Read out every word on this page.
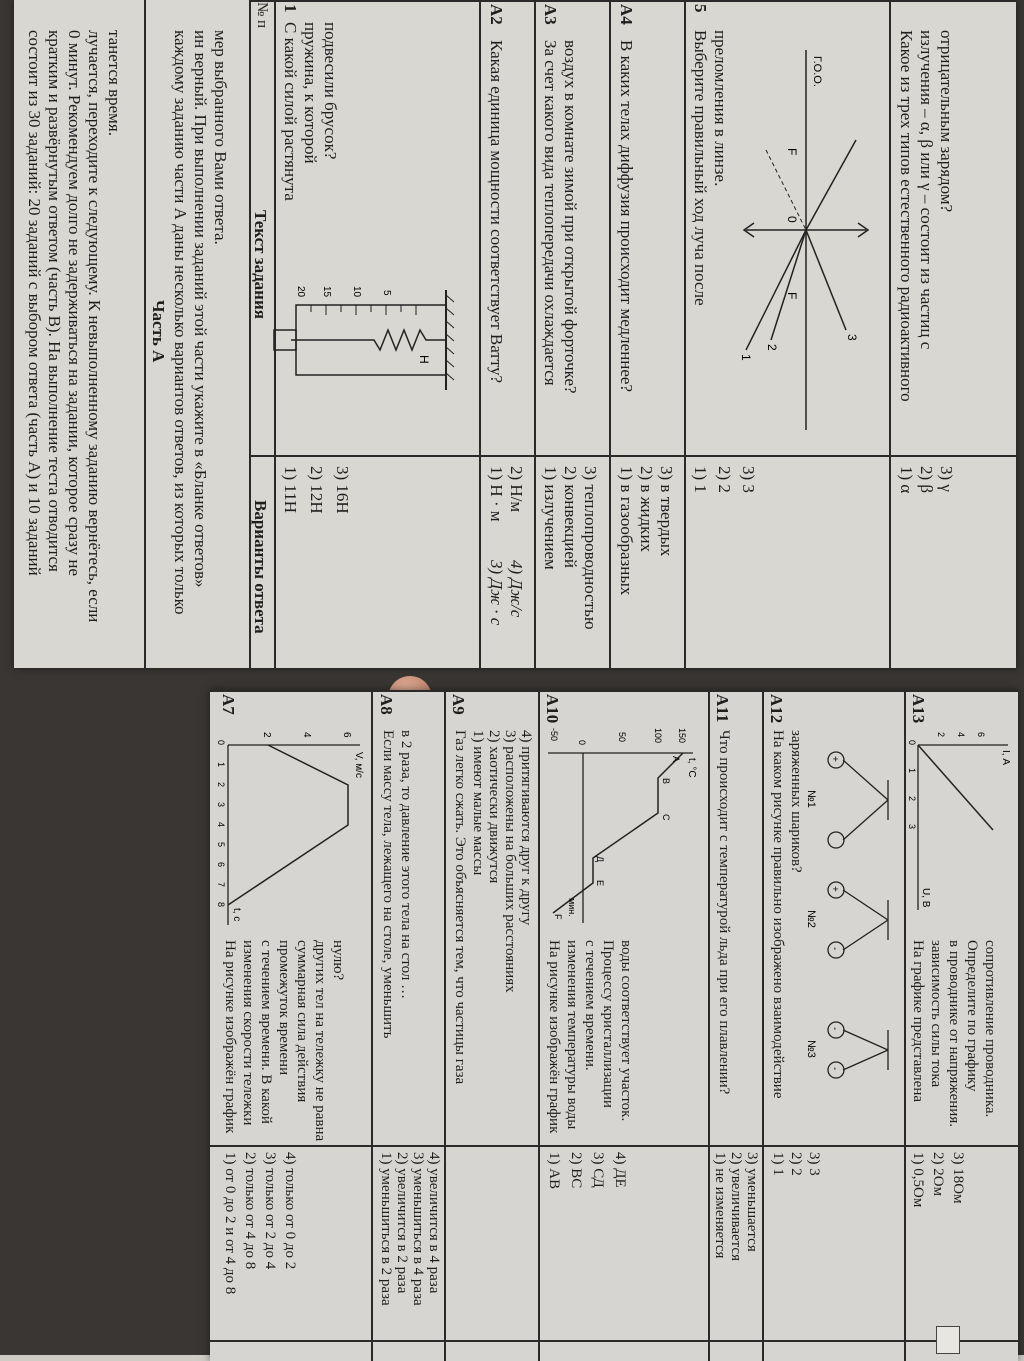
состоит из 30 заданий: 20 заданий с выбором ответа (часть А) и 10 заданий кратким и развёрнутым ответом (часть В). На выполнение теста отводится 0 минут. Рекомендуем долго не задерживаться на задании, которое сразу не лучается, переходите к следующему. К невыполненному заданию вернётесь, если танется время.
Часть А каждому заданию части А даны несколько вариантов ответов, из которых только ин верный. При выполнении заданий этой части укажите в «Бланке ответов» мер выбранного Вами ответа.
№ п
Текст задания
Варианты ответа
1
С какой силой растянута пружина, к которой подвесили брусок?
1) 11Н 2) 12Н 3) 16Н
Н
5
10
15
20
A2
Какая единица мощности соответствует Ватту?
1) Н · м
3) Дж · с
2) Н/м
4) Дж/с
A3
За счет какого вида теплопередачи охлаждается воздух в комнате зимой при открытой форточке?
1) излучением 2) конвекцией 3) теплопроводностью
A4
В каких телах диффузия происходит медленнее?
1) в газообразных 2) в жидких 3) в твердых
5
Выберите правильный ход луча после преломления в линзе.
1) 1 2) 2 3) 3
Г.О.О.
F
0
F
1
2
3 Какое из трех типов естественного радиоактивного излучения – α, β или γ – состоит из частиц с отрицательным зарядом?
1) α 2) β 3) γ
A7
На рисунке изображён график изменения скорости тележки с течением времени. В какой промежуток времени суммарная сила действия других тел на тележку не равна нулю?
1) от 0 до 2 и от 4 до 8 2) только от 4 до 8 3) только от 2 до 4 4) только от 0 до 2
V, м/с
t, c
2	4	6
0
1
2
3
4
5
6
7
8
A8
Если массу тела, лежащего на столе, уменьшить в 2 раза, то давление этого тела на стол …
1) уменьшиться в 2 раза 2) увеличится в 2 раза 3) уменьшиться в 4 раза 4) увеличится в 4 раза
A9
Газ легко сжать. Это объясняется тем, что частицы газа 1) имеют малые массы 2) хаотически движутся 3) расположены на больших расстояниях 4) притягиваются друг к другу
A10
На рисунке изображён график изменения температуры воды с течением времени. Процессу кристаллизации воды соответствует участок.
1) АВ 2) ВС 3) СД 4) ДЕ
t, °C
мин.
150
100
50
0
-50
A
B
C
Д
Е
F
A11
Что происходит с температурой льда при его плавлении?
1) не изменяется 2) увеличивается 3) уменьшается
A12
На каком рисунке правильно изображено взаимодействие заряженных шариков?
1) 1 2) 2 3) 3
+
+
-
-
-
№1
№2
№3
A13
На графике представлена зависимость силы тока в проводнике от напряжения. Определите по графику сопротивление проводника.
1) 0,5Ом 2) 2Ом 3) 18Ом
I, А
U, В
2 4 6
0
1
2
3
